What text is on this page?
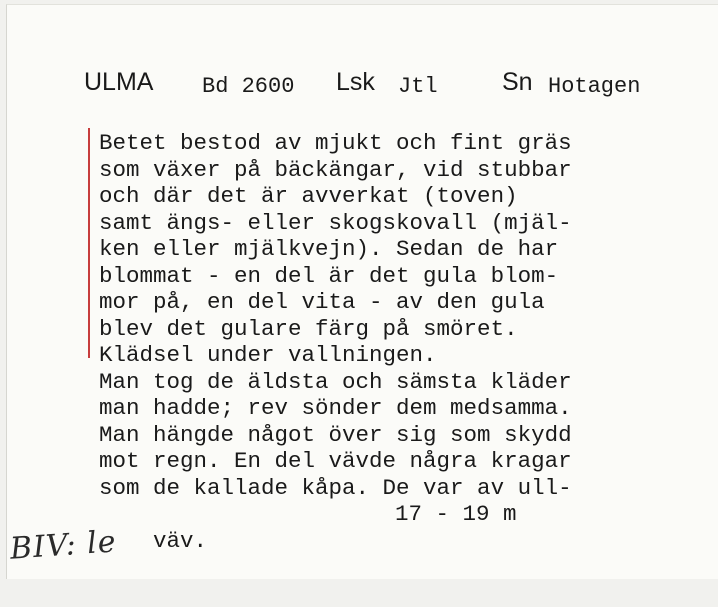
ULMA Bd 2600 Lsk Jtl	Sn Hotagen
Betet bestod av mjukt och fint gräs
som växer på bäckängar, vid stubbar
och där det är avverkat (toven)
samt ängs- eller skogskovall (mjäl-
ken eller mjälkvejn). Sedan de har
blommat - en del är det gula blom-
mor på, en del vita - av den gula
blev det gulare färg på smöret.
Klädsel under vallningen.
Man tog de äldsta och sämsta kläder
man hadde; rev sönder dem medsamma.
Man hängde något över sig som skydd
mot regn. En del vävde några kragar
som de kallade kåpa. De var av ull-

väv.

17 - 19 m

BIV: le
